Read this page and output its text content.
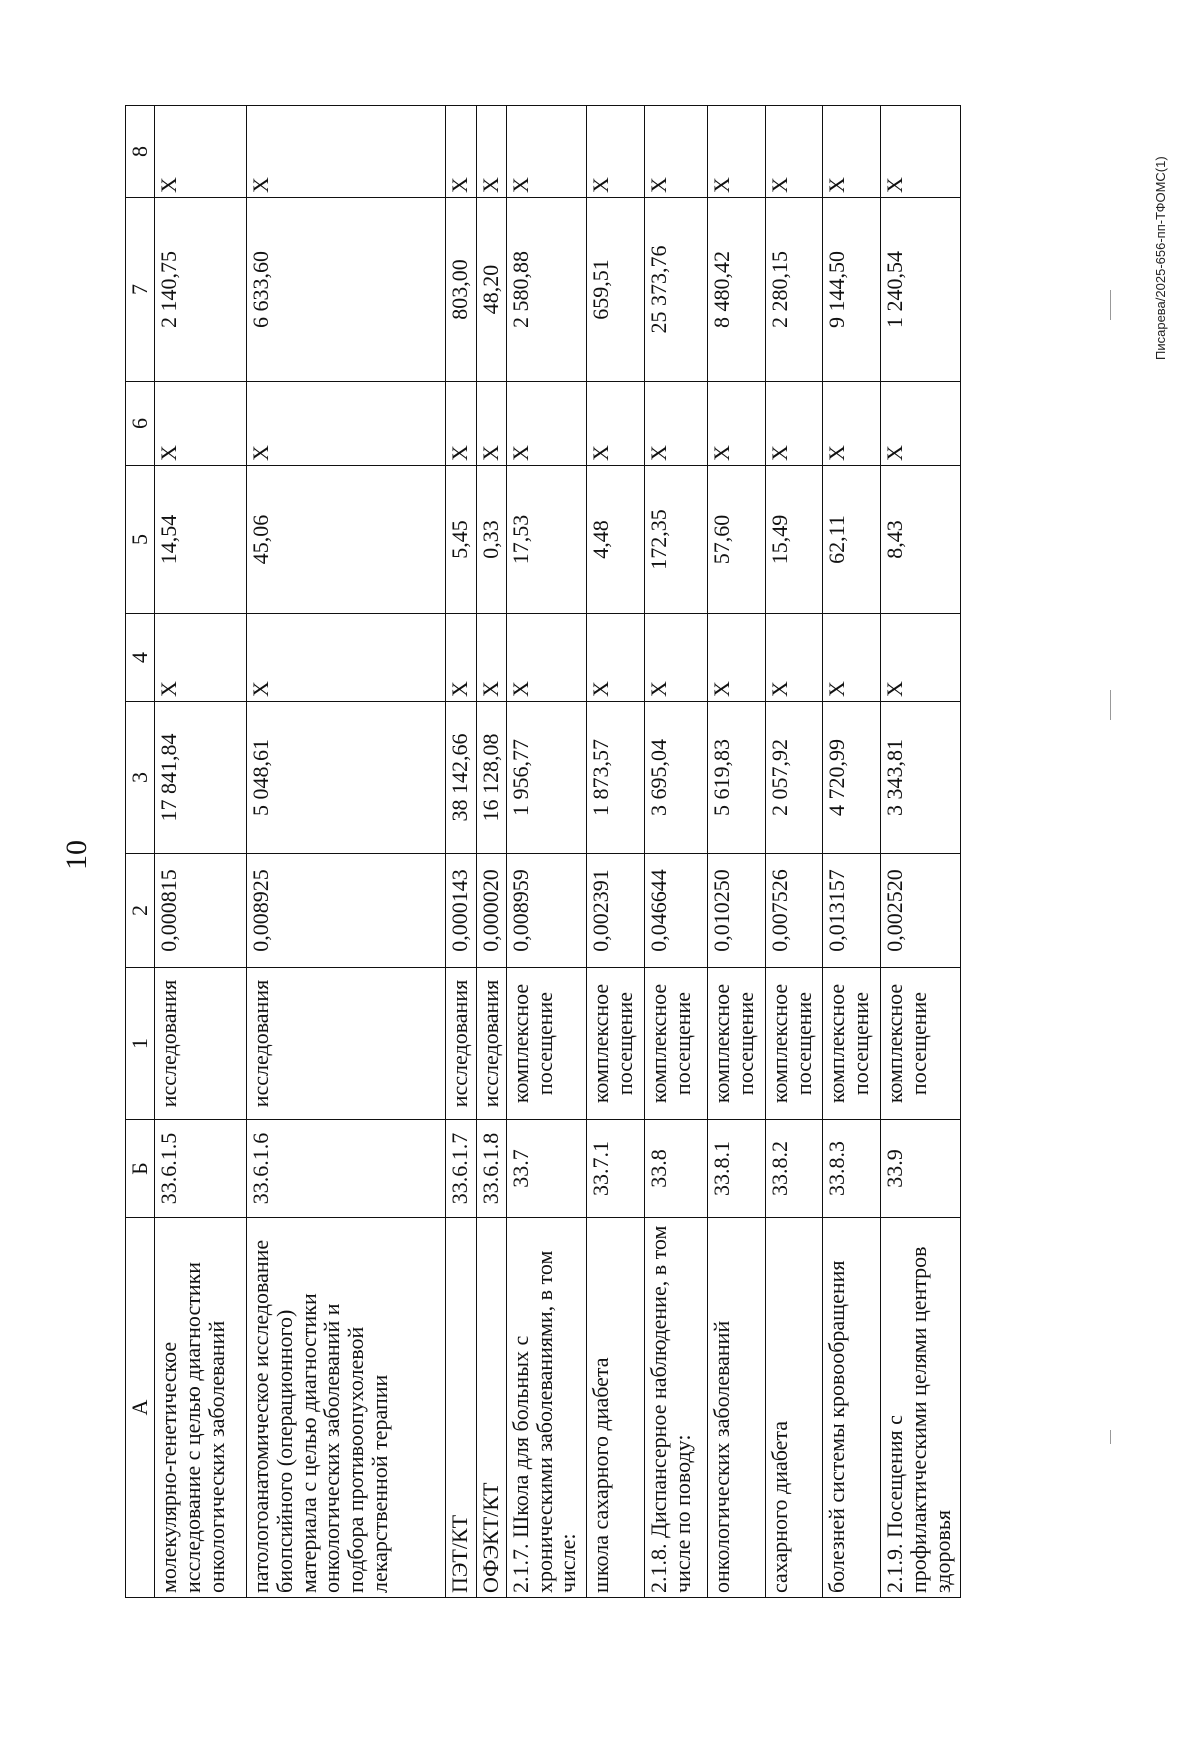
10
Писарева/2025-656-пп-ТФОМС(1)
А	Б	1	2	3	4	5	6	7	8
молекулярно-генетическое исследование с целью диагностики онкологических заболеваний	33.6.1.5	исследования	0,000815	17 841,84	Х	14,54	Х	2 140,75	Х
патологоанатомическое исследование биопсийного (операционного) материала с целью диагностики онкологических заболеваний и подбора противоопухолевой лекарственной терапии	33.6.1.6	исследования	0,008925	5 048,61	Х	45,06	Х	6 633,60	Х
ПЭТ/КТ	33.6.1.7	исследования	0,000143	38 142,66	Х	5,45	Х	803,00	Х
ОФЭКТ/КТ	33.6.1.8	исследования	0,000020	16 128,08	Х	0,33	Х	48,20	Х
2.1.7. Школа для больных с хроническими заболеваниями, в том числе:	33.7	комплексное посещение	0,008959	1 956,77	Х	17,53	Х	2 580,88	Х
школа сахарного диабета	33.7.1	комплексное посещение	0,002391	1 873,57	Х	4,48	Х	659,51	Х
2.1.8. Диспансерное наблюдение, в том числе по поводу:	33.8	комплексное посещение	0,046644	3 695,04	Х	172,35	Х	25 373,76	Х
онкологических заболеваний	33.8.1	комплексное посещение	0,010250	5 619,83	Х	57,60	Х	8 480,42	Х
сахарного диабета	33.8.2	комплексное посещение	0,007526	2 057,92	Х	15,49	Х	2 280,15	Х
болезней системы кровообращения	33.8.3	комплексное посещение	0,013157	4 720,99	Х	62,11	Х	9 144,50	Х
2.1.9. Посещения с профилактическими целями центров здоровья	33.9	комплексное посещение	0,002520	3 343,81	Х	8,43	Х	1 240,54	Х
